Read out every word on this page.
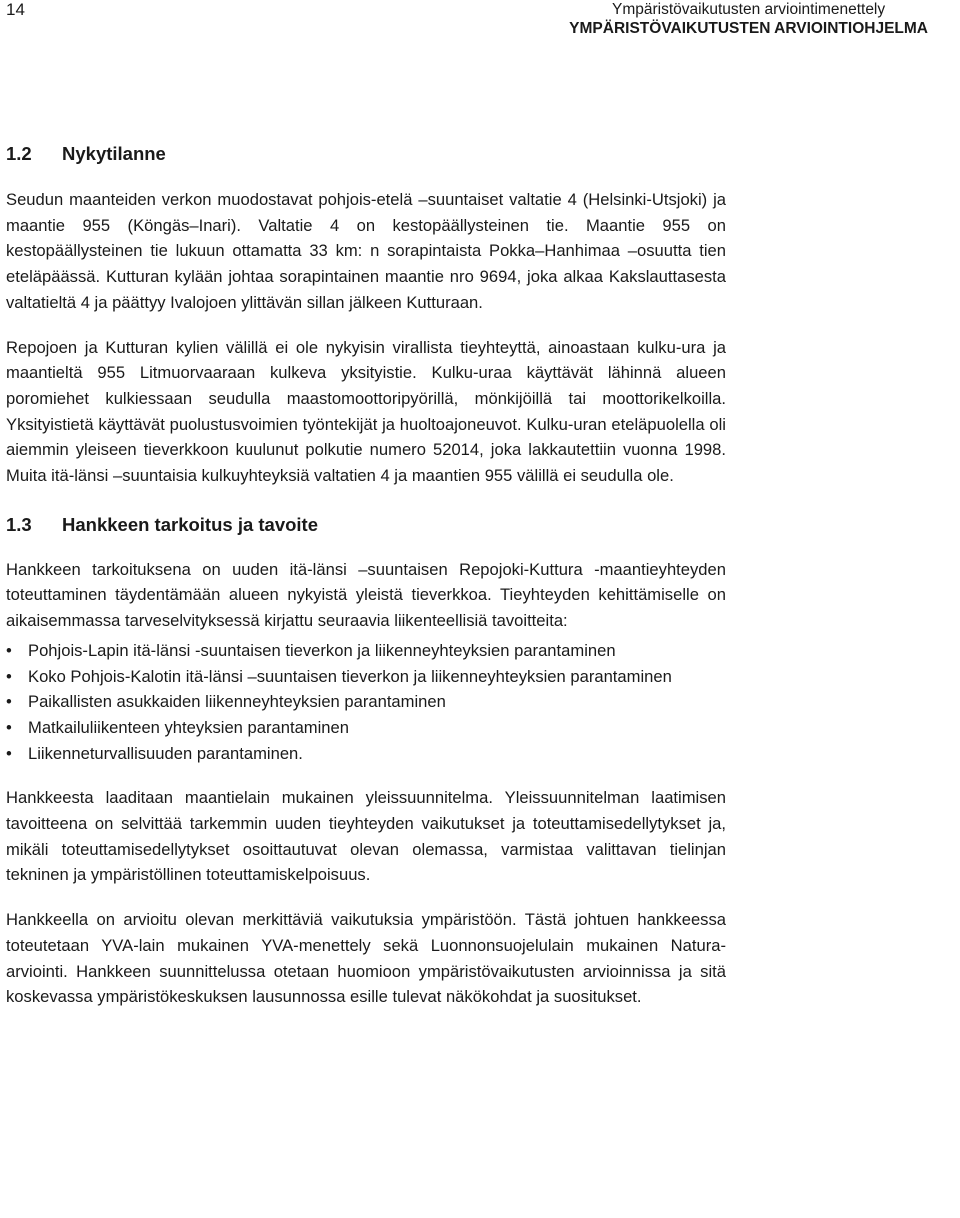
14	Ympäristövaikutusten arviointimenettely
YMPÄRISTÖVAIKUTUSTEN ARVIOINTIOHJELMA
1.2 Nykytilanne

Seudun maanteiden verkon muodostavat pohjois-etelä –suuntaiset valtatie 4 (Helsinki-Utsjoki) ja maantie 955 (Köngäs–Inari). Valtatie 4 on kestopäällysteinen tie. Maantie 955 on kestopäällysteinen tie lukuun ottamatta 33 km: n sorapintaista Pokka–Hanhimaa –osuutta tien eteläpäässä. Kutturan kylään johtaa sorapintainen maantie nro 9694, joka alkaa Kakslauttasesta valtatieltä 4 ja päättyy Ivalojoen ylittävän sillan jälkeen Kutturaan.

Repojoen ja Kutturan kylien välillä ei ole nykyisin virallista tieyhteyttä, ainoastaan kulku-ura ja maantieltä 955 Litmuorvaaraan kulkeva yksityistie. Kulku-uraa käyttävät lähinnä alueen poromiehet kulkiessaan seudulla maastomoottoripyörillä, mönkijöillä tai moottorikelkoilla. Yksityistietä käyttävät puolustusvoimien työntekijät ja huoltoajoneuvot. Kulku-uran eteläpuolella oli aiemmin yleiseen tieverkkoon kuulunut polkutie numero 52014, joka lakkautettiin vuonna 1998. Muita itä-länsi –suuntaisia kulkuyhteyksiä valtatien 4 ja maantien 955 välillä ei seudulla ole.

1.3 Hankkeen tarkoitus ja tavoite

Hankkeen tarkoituksena on uuden itä-länsi –suuntaisen Repojoki-Kuttura -maantieyhteyden toteuttaminen täydentämään alueen nykyistä yleistä tieverkkoa. Tieyhteyden kehittämiselle on aikaisemmassa tarveselvityksessä kirjattu seuraavia liikenteellisiä tavoitteita:

• Pohjois-Lapin itä-länsi -suuntaisen tieverkon ja liikenneyhteyksien parantaminen
• Koko Pohjois-Kalotin itä-länsi –suuntaisen tieverkon ja liikenneyhteyksien parantaminen
• Paikallisten asukkaiden liikenneyhteyksien parantaminen
• Matkailuliikenteen yhteyksien parantaminen
• Liikenneturvallisuuden parantaminen.

Hankkeesta laaditaan maantielain mukainen yleissuunnitelma. Yleissuunnitelman laatimisen tavoitteena on selvittää tarkemmin uuden tieyhteyden vaikutukset ja toteuttamisedellytykset ja, mikäli toteuttamisedellytykset osoittautuvat olevan olemassa, varmistaa valittavan tielinjan tekninen ja ympäristöllinen toteuttamiskelpoisuus.

Hankkeella on arvioitu olevan merkittäviä vaikutuksia ympäristöön. Tästä johtuen hankkeessa toteutetaan YVA-lain mukainen YVA-menettely sekä Luonnonsuojelulain mukainen Natura-arviointi. Hankkeen suunnittelussa otetaan huomioon ympäristövaikutusten arvioinnissa ja sitä koskevassa ympäristökeskuksen lausunnossa esille tulevat näkökohdat ja suositukset.
